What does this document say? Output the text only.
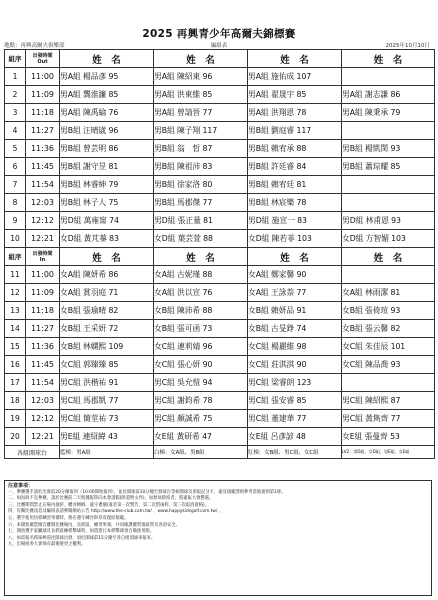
2025 再興青少年高爾夫錦標賽
地點：再興高爾夫俱樂部	編組表	2025年10月10日
組序	出發時間
Out	姓　名	姓　名	姓　名	姓　名
1	11:00	男A組 楊品彥 95	男A組 陳紹東 96	男A組 施佑成 107	
2	11:09	男A組 龔淮濂 85	男A組 洪東維 85	男A組 翟晟宇 85	男A組 謝志謙 86
3	11:18	男A組 陳禹綸 76	男A組 曾請晉 77	男A組 洪翔恩 78	男A組 陳秉承 79
4	11:27	男B組 汪晴崴 96	男B組 陳子翔 117	男B組 劉庭睿 117	
5	11:36	男B組 曾芸明 86	男B組 翁　晢 87	男B組 賴宥承 88	男B組 楊凱閔 93
6	11:45	男B組 謝守昱 81	男B組 陳祖沛 83	男B組 許廷睿 84	男B組 蕭琮耀 85
7	11:54	男B組 林睿紳 79	男B組 徐家洛 80	男B組 賴宥廷 81	
8	12:03	男B組 林子人 75	男B組 馬郡傑 77	男B組 林宸樂 78	
9	12:12	男D組 萬雍甯 74	男D組 張正量 81	男D組 施宣一 83	男D組 林甫恩 93
10	12:21	女D組 黃芃蓁 83	女D組 葉芸萱 88	女D組 陳若菲 103	女D組 方智媚 103
組序	出發時間
In	姓　名	姓　名	姓　名	姓　名
11	11:00	女A組 陳妍希 86	女A組 古妮瑾 88	女A組 鄭家馨 90	
12	11:09	女A組 賞羽庭 71	女A組 洪以宣 76	女A組 王詠萘 77	女A組 林雨潔 81
13	11:18	女B組 張瑜晴 82	女B組 陳沛希 88	女B組 賴妍品 91	女B組 張倚瑄 93
14	11:27	女B組 王采妍 72	女B組 張可函 73	女B組 古旻錚 74	女B組 張云馨 82
15	11:36	女B組 林嫻熙 109	女C組 連莉婧 96	女C組 楊麗維 98	女C組 朱佳辰 101
16	11:45	女C組 郭臻臻 85	女C組 張心妍 90	女C組 莊淇淇 90	女C組 陳品喬 93
17	11:54	男C組 洪楷祐 91	男C組 吳允愷 94	男C組 梁睿朗 123	
18	12:03	男C組 馬郡凱 77	男C組 謝鈞希 78	男C組 張安睿 85	男C組 陳紹熙 87
19	12:12	男C組 簡莖祐 73	男C組 顏誠希 75	男C組 董建華 77	男C組 黃雋齊 77
20	12:21	男E組 連紹緯 43	女E組 黃研希 47	女E組 呂彥諺 48	女E組 張曼齊 53
各組開球台		藍梯：男A組	白梯：女A組、男B組	紅梯：女B組、男C組、女C組	LV2：男D組、女D組、男E組、女E組
注意事項：
一、參賽選手請於出發前20分鐘報到（10:00開始報到），並於開球前10分鐘至發球台等候開球及領取記分卡，違反規範罰則參考當地規則第1條。
二、如因故不克參賽，請於比賽前二天根據報單向本會請假(附證明文件)，如無故缺席者，將違報大會懲處。
三、比賽期間禁止在場內抽菸、嚼食檳榔，違守禮儀(違者第一次警告、第二次罰兩桿、第三次取消資格)。
四、有關比賽訊息及編組表請參閱網站公告 http://www.the-club.com.tw/ 、www.happykidsgolf.com.tw/ 。
五、選手使用切桿練習果嶺時，務必遵守練沙與草皮復原規範。
六、本開始嚴禁擅自離開比賽場內，長桿區、練習果嶺，共同維護優質地區質及各項安全。
七、開放選手家屬球具長桿區練桿擊球時，如遊進行本桿擊球須自備使用限。
八、如需報名時採棒前往開球出發，須於開球前15分鐘至各自組別球車報來。
九、出場組委大會保有最後變更之權利。
